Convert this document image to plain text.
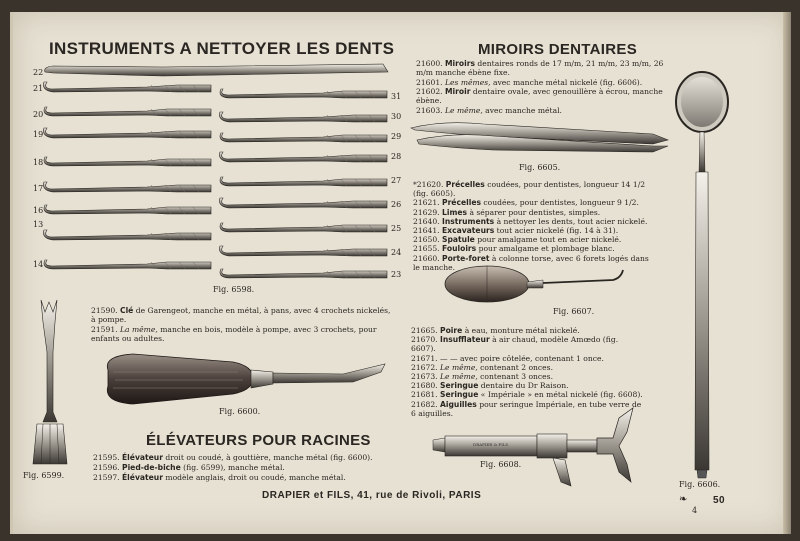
INSTRUMENTS A NETTOYER LES DENTS	MIROIRS DENTAIRES
22
21
20
19
18
17
16
13
14
31
30
29
28
27
26
25
24
23
Fig. 6598.
21590. Clé de Garengeot, manche en métal, à pans, avec 4 crochets nickelés, à pompe.
21591. La même, manche en bois, modèle à pompe, avec 3 crochets, pour enfants ou adultes.
Fig. 6600.
ÉLÉVATEURS POUR RACINES
21595. Élévateur droit ou coudé, à gouttière, manche métal (fig. 6600).
21596. Pied-de-biche (fig. 6599), manche métal.
21597. Élévateur modèle anglais, droit ou coudé, manche métal.
Fig. 6599.
21600. Miroirs dentaires ronds de 17 m/m, 21 m/m, 23 m/m, 26 m/m manche ébène fixe.
21601. Les mêmes, avec manche métal nickelé (fig. 6606).
21602. Miroir dentaire ovale, avec genouillère à écrou, manche ébène.
21603. Le même, avec manche métal.
Fig. 6605.
*21620. Précelles coudées, pour dentistes, longueur 14 1/2 (fig. 6605).
21621. Précelles coudées, pour dentistes, longueur 9 1/2.
21629. Limes à séparer pour dentistes, simples.
21640. Instruments à nettoyer les dents, tout acier nickelé.
21641. Excavateurs tout acier nickelé (fig. 14 à 31).
21650. Spatule pour amalgame tout en acier nickelé.
21655. Fouloirs pour amalgame et plombage blanc.
21660. Porte-foret à colonne torse, avec 6 forets logés dans le manche.
Fig. 6607.
21665. Poire à eau, monture métal nickelé.
21670. Insufflateur à air chaud, modèle Amœdo (fig. 6607).
21671. — — avec poire côtelée, contenant 1 once.
21672. Le même, contenant 2 onces.
21673. Le même, contenant 3 onces.
21680. Seringue dentaire du Dr Raison.
21681. Seringue « Impériale » en métal nickelé (fig. 6608).
21682. Aiguilles pour seringue Impériale, en tube verre de 6 aiguilles.
DRAPIER & FILS
Fig. 6608.
Fig. 6606.
DRAPIER et FILS, 41, rue de Rivoli, PARIS	❧	50
4
